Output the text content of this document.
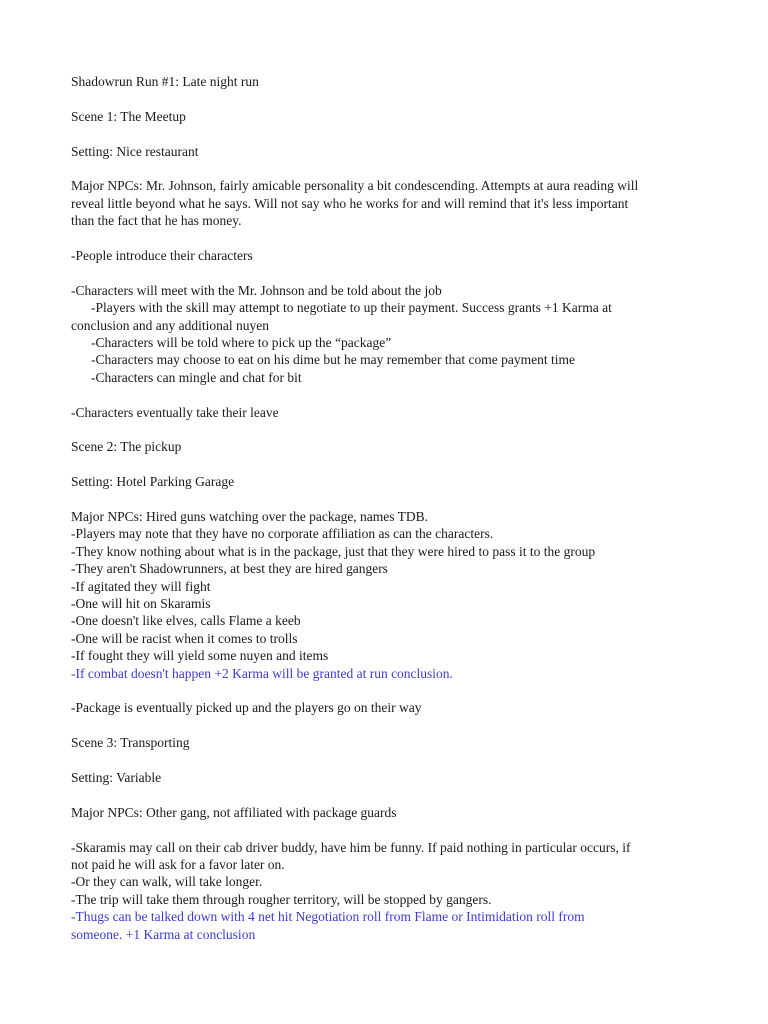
Shadowrun Run #1: Late night run

Scene 1: The Meetup

Setting: Nice restaurant

Major NPCs: Mr. Johnson, fairly amicable personality a bit condescending. Attempts at aura reading will

reveal little beyond what he says. Will not say who he works for and will remind that it's less important

than the fact that he has money.

-People introduce their characters

-Characters will meet with the Mr. Johnson and be told about the job

-Players with the skill may attempt to negotiate to up their payment. Success grants +1 Karma at

conclusion and any additional nuyen

-Characters will be told where to pick up the “package”

-Characters may choose to eat on his dime but he may remember that come payment time

-Characters can mingle and chat for bit

-Characters eventually take their leave

Scene 2: The pickup

Setting: Hotel Parking Garage

Major NPCs: Hired guns watching over the package, names TDB.

-Players may note that they have no corporate affiliation as can the characters.

-They know nothing about what is in the package, just that they were hired to pass it to the group

-They aren't Shadowrunners, at best they are hired gangers

-If agitated they will fight

-One will hit on Skaramis

-One doesn't like elves, calls Flame a keeb

-One will be racist when it comes to trolls

-If fought they will yield some nuyen and items

-If combat doesn't happen +2 Karma will be granted at run conclusion.

-Package is eventually picked up and the players go on their way

Scene 3: Transporting

Setting: Variable

Major NPCs: Other gang, not affiliated with package guards

-Skaramis may call on their cab driver buddy, have him be funny. If paid nothing in particular occurs, if

not paid he will ask for a favor later on.

-Or they can walk, will take longer.

-The trip will take them through rougher territory, will be stopped by gangers.

-Thugs can be talked down with 4 net hit Negotiation roll from Flame or Intimidation roll from

someone. +1 Karma at conclusion
